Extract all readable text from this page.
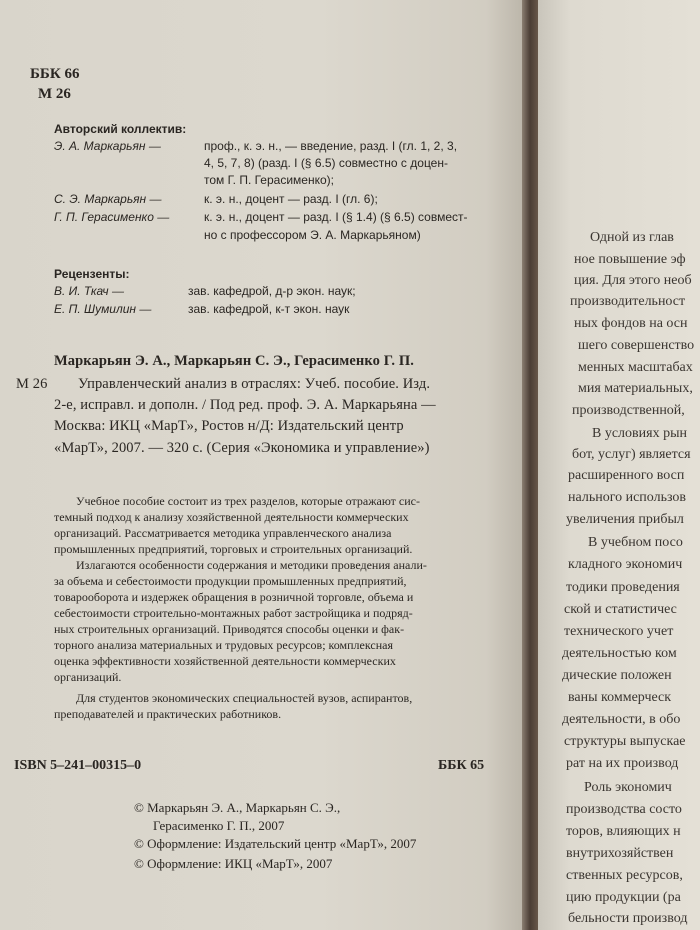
ББК 66
М 26
Авторский коллектив:
Э. А. Маркарьян —	проф., к. э. н., — введение, разд. I (гл. 1, 2, 3,
4, 5, 7, 8) (разд. I (§ 6.5) совместно с доцен-
том Г. П. Герасименко);
С. Э. Маркарьян —	к. э. н., доцент — разд. I (гл. 6);
Г. П. Герасименко —	к. э. н., доцент — разд. I (§ 1.4) (§ 6.5) совмест-
но с профессором Э. А. Маркарьяном)
Рецензенты:
В. И. Ткач —	зав. кафедрой, д-р экон. наук;
Е. П. Шумилин —	зав. кафедрой, к-т экон. наук
Маркарьян Э. А., Маркарьян С. Э., Герасименко Г. П.
М 26 Управленческий анализ в отраслях: Учеб. пособие. Изд.
2-е, исправл. и дополн. / Под ред. проф. Э. А. Маркарьяна —
Москва: ИКЦ «МарТ», Ростов н/Д: Издательский центр
«МарТ», 2007. — 320 с. (Серия «Экономика и управление»)
Учебное пособие состоит из трех разделов, которые отражают сис-
темный подход к анализу хозяйственной деятельности коммерческих
организаций. Рассматривается методика управленческого анализа
промышленных предприятий, торговых и строительных организаций.
Излагаются особенности содержания и методики проведения анали-
за объема и себестоимости продукции промышленных предприятий,
товарооборота и издержек обращения в розничной торговле, объема и
себестоимости строительно-монтажных работ застройщика и подряд-
ных строительных организаций. Приводятся способы оценки и фак-
торного анализа материальных и трудовых ресурсов; комплексная
оценка эффективности хозяйственной деятельности коммерческих
организаций.
Для студентов экономических специальностей вузов, аспирантов,
преподавателей и практических работников.
ISBN 5–241–00315–0	ББК 65
© Маркарьян Э. А., Маркарьян С. Э.,
Герасименко Г. П., 2007
© Оформление: Издательский центр «МарТ», 2007
© Оформление: ИКЦ «МарТ», 2007
Одной из глав
ное повышение эф
ция. Для этого необ
производительност
ных фондов на осн
шего совершенство
менных масштабах
мия материальных,
производственной,
В условиях рын
бот, услуг) является
расширенного восп
нального использов
увеличения прибыл
В учебном посо
кладного экономич
тодики проведения
ской и статистичес
технического учет
деятельностью ком
дические положен
ваны коммерческ
деятельности, в обо
структуры выпускае
рат на их производ
Роль экономич
производства состо
торов, влияющих н
внутрихозяйствен
ственных ресурсов,
цию продукции (ра
бельности производ
